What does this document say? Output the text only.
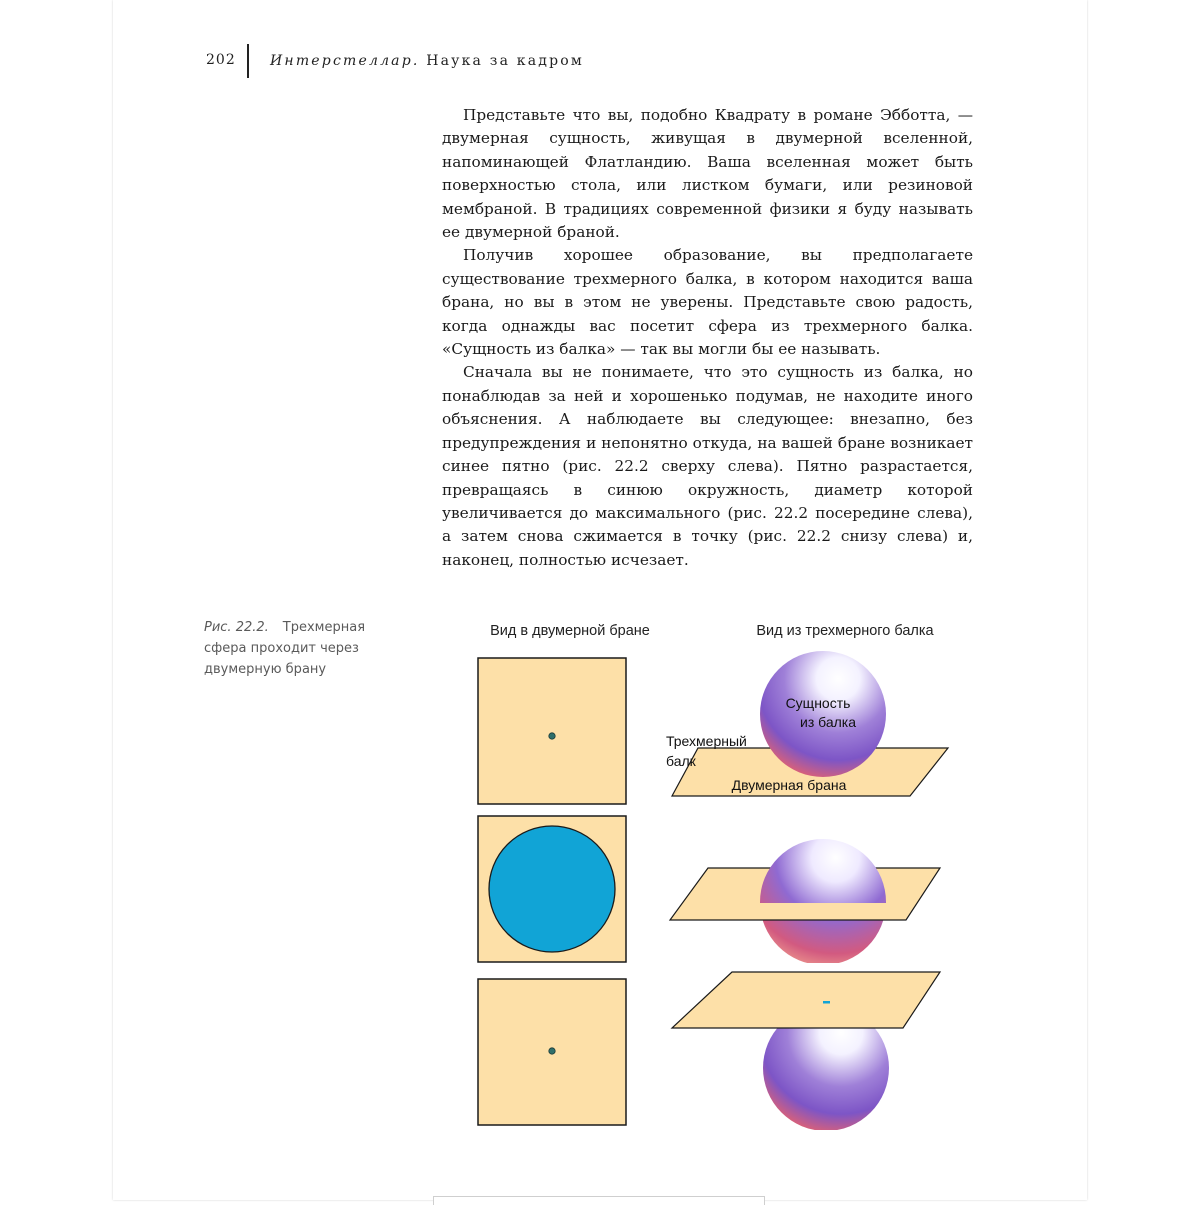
202 Интерстеллар. Наука за кадром

Представьте что вы, подобно Квадрату в романе Эбботта, — двумерная сущность, живущая в двумерной вселенной, напоминающей Флатландию. Ваша вселенная может быть поверхностью стола, или листком бумаги, или резиновой мембраной. В традициях современной физики я буду называть ее двумерной браной.

Получив хорошее образование, вы предполагаете существование трехмерного балка, в котором находится ваша брана, но вы в этом не уверены. Представьте свою радость, когда однажды вас посетит сфера из трехмерного балка. «Сущность из балка» — так вы могли бы ее называть.

Сначала вы не понимаете, что это сущность из балка, но понаблюдав за ней и хорошенько подумав, не находите иного объяснения. А наблюдаете вы следующее: внезапно, без предупреждения и непонятно откуда, на вашей бране возникает синее пятно (рис. 22.2 сверху слева). Пятно разрастается, превращаясь в синюю окружность, диаметр которой увеличивается до максимального (рис. 22.2 посередине слева), а затем снова сжимается в точку (рис. 22.2 снизу слева) и, наконец, полностью исчезает.

Рис. 22.2. Трехмерная сфера проходит через двумерную брану
Вид в двумерной бране	Вид из трехмерного балка
Сущность
из балка
Трехмерный
балк
Двумерная брана
